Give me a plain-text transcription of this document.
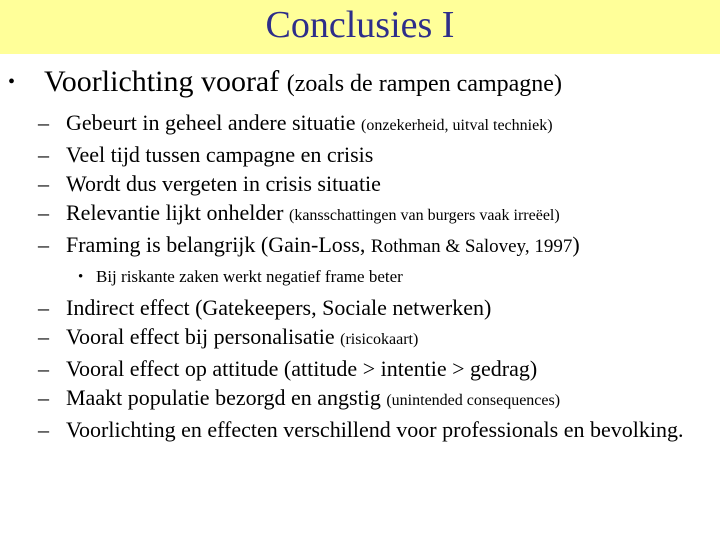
Conclusies I
• Voorlichting vooraf (zoals de rampen campagne)
– Gebeurt in geheel andere situatie (onzekerheid, uitval techniek)
– Veel tijd tussen campagne en crisis
– Wordt dus vergeten in crisis situatie
– Relevantie lijkt onhelder (kansschattingen van burgers vaak irreëel)
– Framing is belangrijk (Gain-Loss, Rothman & Salovey, 1997)
• Bij riskante zaken werkt negatief frame beter
– Indirect effect (Gatekeepers, Sociale netwerken)
– Vooral effect bij personalisatie (risicokaart)
– Vooral effect op attitude (attitude > intentie > gedrag)
– Maakt populatie bezorgd en angstig (unintended consequences)
– Voorlichting en effecten verschillend voor professionals en bevolking.
